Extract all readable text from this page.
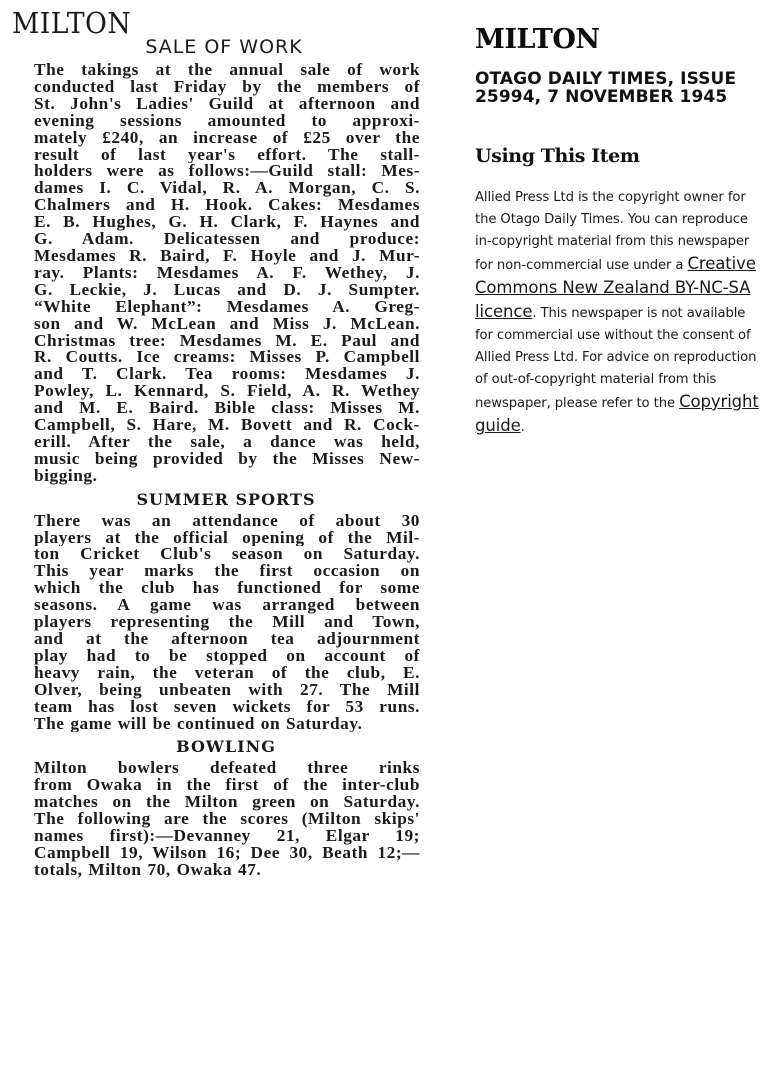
MILTON
SALE OF WORK
The takings at the annual sale of work
conducted last Friday by the members of
St. John's Ladies' Guild at afternoon and
evening sessions amounted to approxi-
mately £240, an increase of £25 over the
result of last year's effort. The stall-
holders were as follows:—Guild stall: Mes-
dames I. C. Vidal, R. A. Morgan, C. S.
Chalmers and H. Hook. Cakes: Mesdames
E. B. Hughes, G. H. Clark, F. Haynes and
G. Adam. Delicatessen and produce:
Mesdames R. Baird, F. Hoyle and J. Mur-
ray. Plants: Mesdames A. F. Wethey, J.
G. Leckie, J. Lucas and D. J. Sumpter.
“White Elephant”: Mesdames A. Greg-
son and W. McLean and Miss J. McLean.
Christmas tree: Mesdames M. E. Paul and
R. Coutts. Ice creams: Misses P. Campbell
and T. Clark. Tea rooms: Mesdames J.
Powley, L. Kennard, S. Field, A. R. Wethey
and M. E. Baird. Bible class: Misses M.
Campbell, S. Hare, M. Bovett and R. Cock-
erill. After the sale, a dance was held,
music being provided by the Misses New-
bigging.
SUMMER SPORTS
There was an attendance of about 30
players at the official opening of the Mil-
ton Cricket Club's season on Saturday.
This year marks the first occasion on
which the club has functioned for some
seasons. A game was arranged between
players representing the Mill and Town,
and at the afternoon tea adjournment
play had to be stopped on account of
heavy rain, the veteran of the club, E.
Olver, being unbeaten with 27. The Mill
team has lost seven wickets for 53 runs.
The game will be continued on Saturday.
BOWLING
Milton bowlers defeated three rinks
from Owaka in the first of the inter-club
matches on the Milton green on Saturday.
The following are the scores (Milton skips'
names first):—Devanney 21, Elgar 19;
Campbell 19, Wilson 16; Dee 30, Beath 12;—
totals, Milton 70, Owaka 47.
MILTON
OTAGO DAILY TIMES, ISSUE 25994, 7 NOVEMBER 1945
Using This Item

Allied Press Ltd is the copyright owner for the Otago Daily Times. You can reproduce in-copyright material from this newspaper for non-commercial use under a Creative Commons New Zealand BY-NC-SA licence. This newspaper is not available for commercial use without the consent of Allied Press Ltd. For advice on reproduction of out-of-copyright material from this newspaper, please refer to the Copyright guide.
